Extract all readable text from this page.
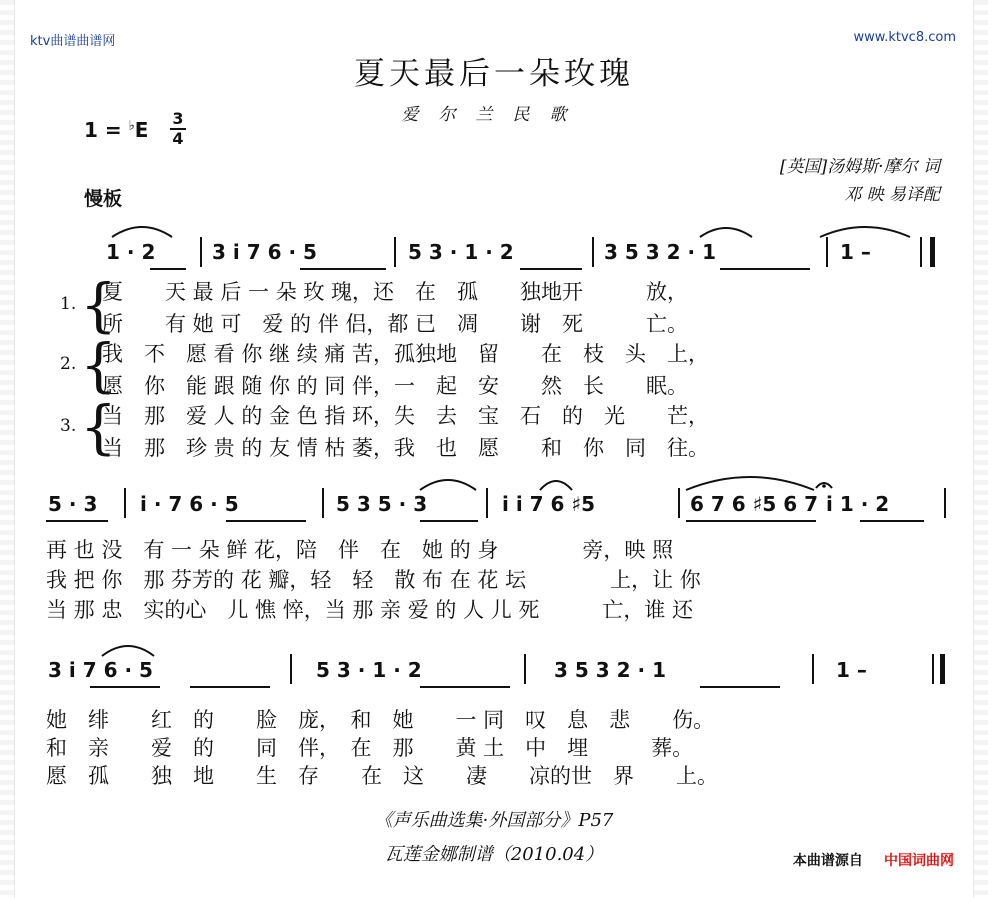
ktv曲谱曲谱网	www.ktvc8.com
夏天最后一朵玫瑰
爱尔兰民歌
1 = ♭E 3
4
慢板
[英国]汤姆斯·摩尔 词
邓 映 易译配
1 · 2	3 i 7 6 · 5	5 3 · 1 · 2	3 5 3 2 · 1	1 –
1. {
夏　　天 最 后 一 朵 玫 瑰，还　在　孤　　独地开　　　放，
所　　有 她 可　爱 的 伴 侣，都 已　凋　　谢　死　　　亡。
2. {
我　不　愿 看 你 继 续 痛 苦，孤独地　留　　在　枝　头　上，
愿　你　能 跟 随 你 的 同 伴，一　起　安　　然　长　　眠。
3. {
当　那　爱 人 的 金 色 指 环，失　去　宝　石　的　光　　芒，
当　那　珍 贵 的 友 情 枯 萎，我　也　愿　　和　你　同　往。
5 · 3 i · 7 6 · 5	5 3 5 · 3	i i 7 6 ♯5	6 7 6 ♯5 6 7 i 1 · 2
再 也 没　有 一 朵 鲜 花，陪　伴　在　她 的 身　　　　旁，映 照
我 把 你　那 芬芳的 花 瓣，轻　轻　散 布 在 花 坛　　　　上，让 你
当 那 忠　实的心　儿 憔 悴，当 那 亲 爱 的 人 儿 死　　　亡，谁 还
3 i 7 6 · 5	5 3 · 1 · 2	3 5 3 2 · 1	1 –
她　绯　　红　的　　脸　庞，　和　她　　一 同　叹　息　悲　　伤。
和　亲　　爱　的　　同　伴，　在　那　　黄 土　中　埋　　　葬。
愿　孤　　独　地　　生　存　　在　这　　凄　　凉的世　界　　上。
《声乐曲选集·外国部分》P57
瓦莲金娜制谱（2010.04）	本曲谱源自 中国词曲网
